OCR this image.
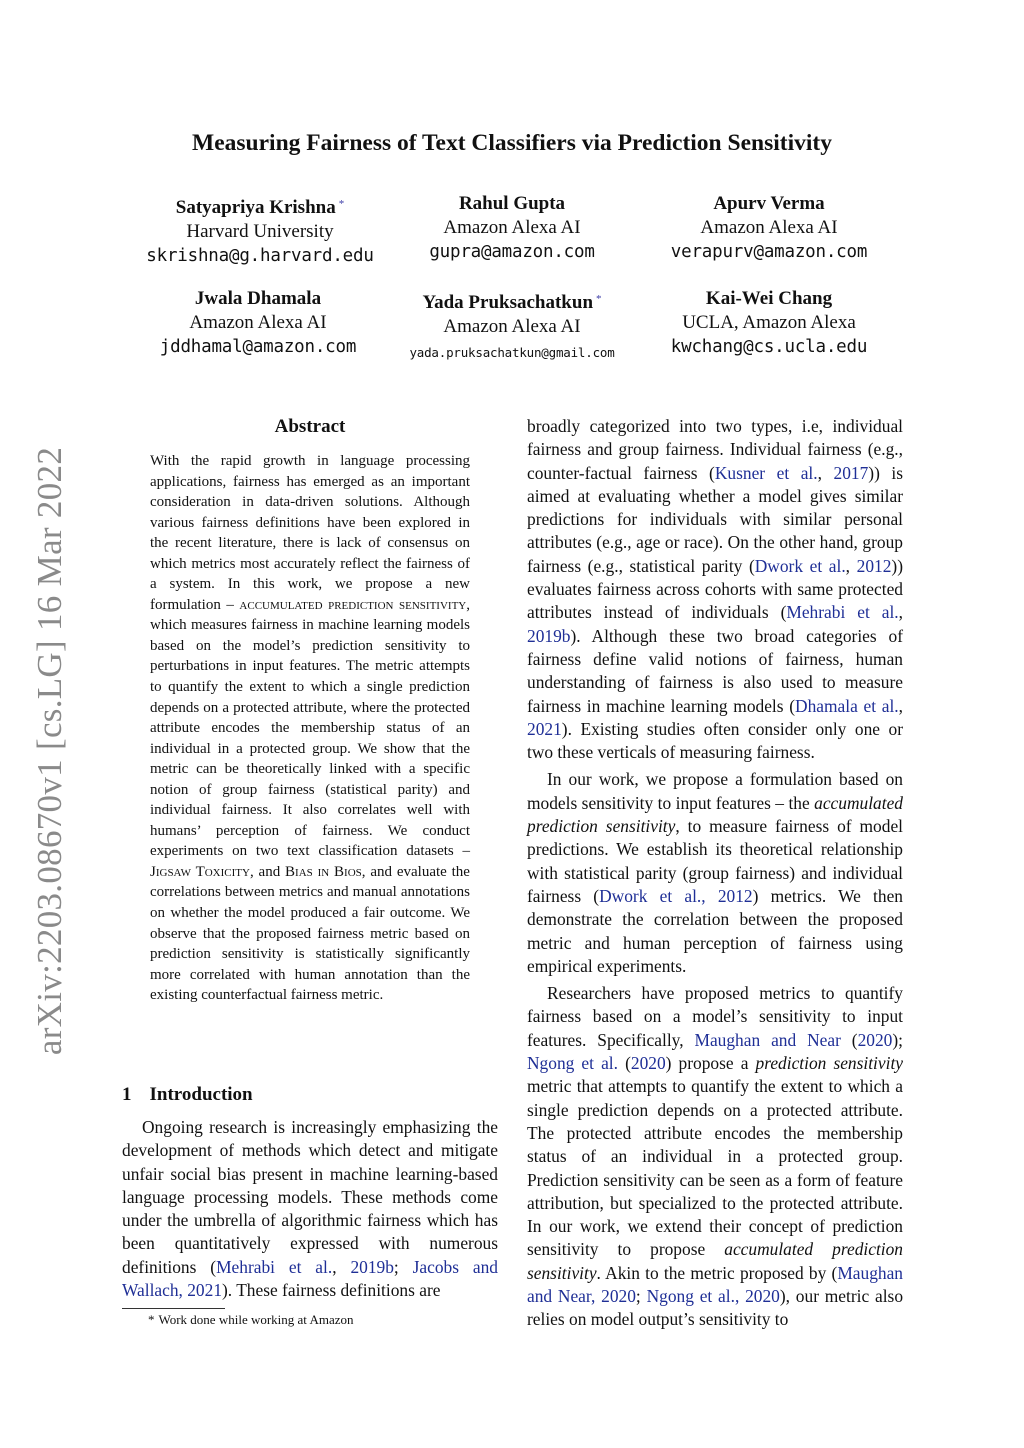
arXiv:2203.08670v1 [cs.LG] 16 Mar 2022
Measuring Fairness of Text Classifiers via Prediction Sensitivity
Satyapriya Krishna *
Harvard University
skrishna@g.harvard.edu
Rahul Gupta
Amazon Alexa AI
gupra@amazon.com
Apurv Verma
Amazon Alexa AI
verapurv@amazon.com
Jwala Dhamala
Amazon Alexa AI
jddhamal@amazon.com
Yada Pruksachatkun *
Amazon Alexa AI
yada.pruksachatkun@gmail.com
Kai-Wei Chang
UCLA, Amazon Alexa
kwchang@cs.ucla.edu
Abstract
With the rapid growth in language processing applications, fairness has emerged as an important consideration in data-driven solutions. Although various fairness definitions have been explored in the recent literature, there is lack of consensus on which metrics most accurately reflect the fairness of a system. In this work, we propose a new formulation – accumulated prediction sensitivity, which measures fairness in machine learning models based on the model’s prediction sensitivity to perturbations in input features. The metric attempts to quantify the extent to which a single prediction depends on a protected attribute, where the protected attribute encodes the membership status of an individual in a protected group. We show that the metric can be theoretically linked with a specific notion of group fairness (statistical parity) and individual fairness. It also correlates well with humans’ perception of fairness. We conduct experiments on two text classification datasets – Jigsaw Toxicity, and Bias in Bios, and evaluate the correlations between metrics and manual annotations on whether the model produced a fair outcome. We observe that the proposed fairness metric based on prediction sensitivity is statistically significantly more correlated with human annotation than the existing counterfactual fairness metric.
1 Introduction

Ongoing research is increasingly emphasizing the development of methods which detect and mitigate unfair social bias present in machine learning-based language processing models. These methods come under the umbrella of algorithmic fairness which has been quantitatively expressed with numerous definitions (Mehrabi et al., 2019b; Jacobs and Wallach, 2021). These fairness definitions are

* Work done while working at Amazon

broadly categorized into two types, i.e, individual fairness and group fairness. Individual fairness (e.g., counter-factual fairness (Kusner et al., 2017)) is aimed at evaluating whether a model gives similar predictions for individuals with similar personal attributes (e.g., age or race). On the other hand, group fairness (e.g., statistical parity (Dwork et al., 2012)) evaluates fairness across cohorts with same protected attributes instead of individuals (Mehrabi et al., 2019b). Although these two broad categories of fairness define valid notions of fairness, human understanding of fairness is also used to measure fairness in machine learning models (Dhamala et al., 2021). Existing studies often consider only one or two these verticals of measuring fairness.

In our work, we propose a formulation based on models sensitivity to input features – the accumulated prediction sensitivity, to measure fairness of model predictions. We establish its theoretical relationship with statistical parity (group fairness) and individual fairness (Dwork et al., 2012) metrics. We then demonstrate the correlation between the proposed metric and human perception of fairness using empirical experiments.

Researchers have proposed metrics to quantify fairness based on a model’s sensitivity to input features. Specifically, Maughan and Near (2020); Ngong et al. (2020) propose a prediction sensitivity metric that attempts to quantify the extent to which a single prediction depends on a protected attribute. The protected attribute encodes the membership status of an individual in a protected group. Prediction sensitivity can be seen as a form of feature attribution, but specialized to the protected attribute. In our work, we extend their concept of prediction sensitivity to propose accumulated prediction sensitivity. Akin to the metric proposed by (Maughan and Near, 2020; Ngong et al., 2020), our metric also relies on model output’s sensitivity to
